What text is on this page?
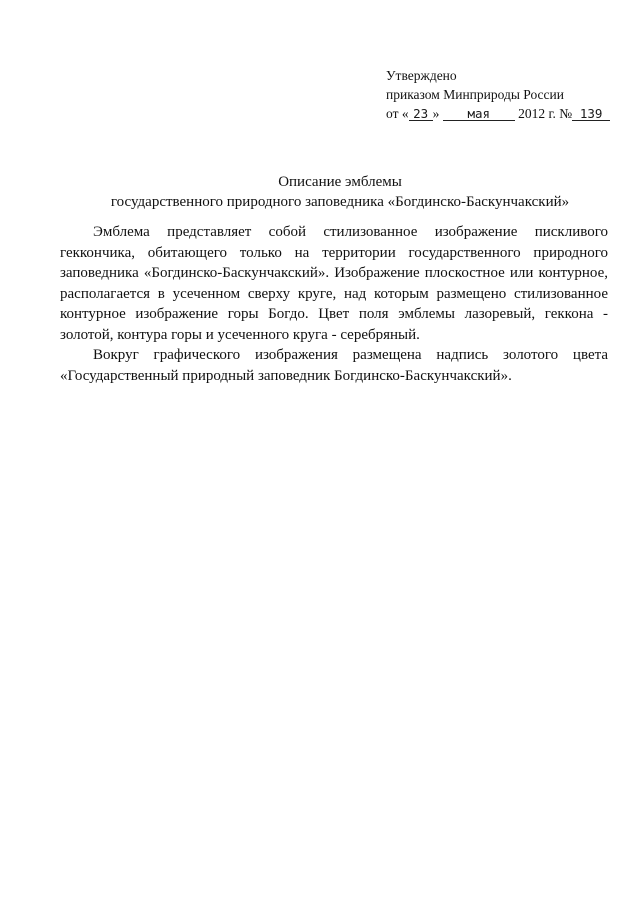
Утверждено
приказом Минприроды России
от « 23 » мая 2012 г. № 139
Описание эмблемы
государственного природного заповедника «Богдинско-Баскунчакский»

Эмблема представляет собой стилизованное изображение пискливого геккончика, обитающего только на территории государственного природного заповедника «Богдинско-Баскунчакский». Изображение плоскостное или контурное, располагается в усеченном сверху круге, над которым размещено стилизованное контурное изображение горы Богдо. Цвет поля эмблемы лазоревый, геккона - золотой, контура горы и усеченного круга - серебряный.

Вокруг графического изображения размещена надпись золотого цвета «Государственный природный заповедник Богдинско-Баскунчакский».
